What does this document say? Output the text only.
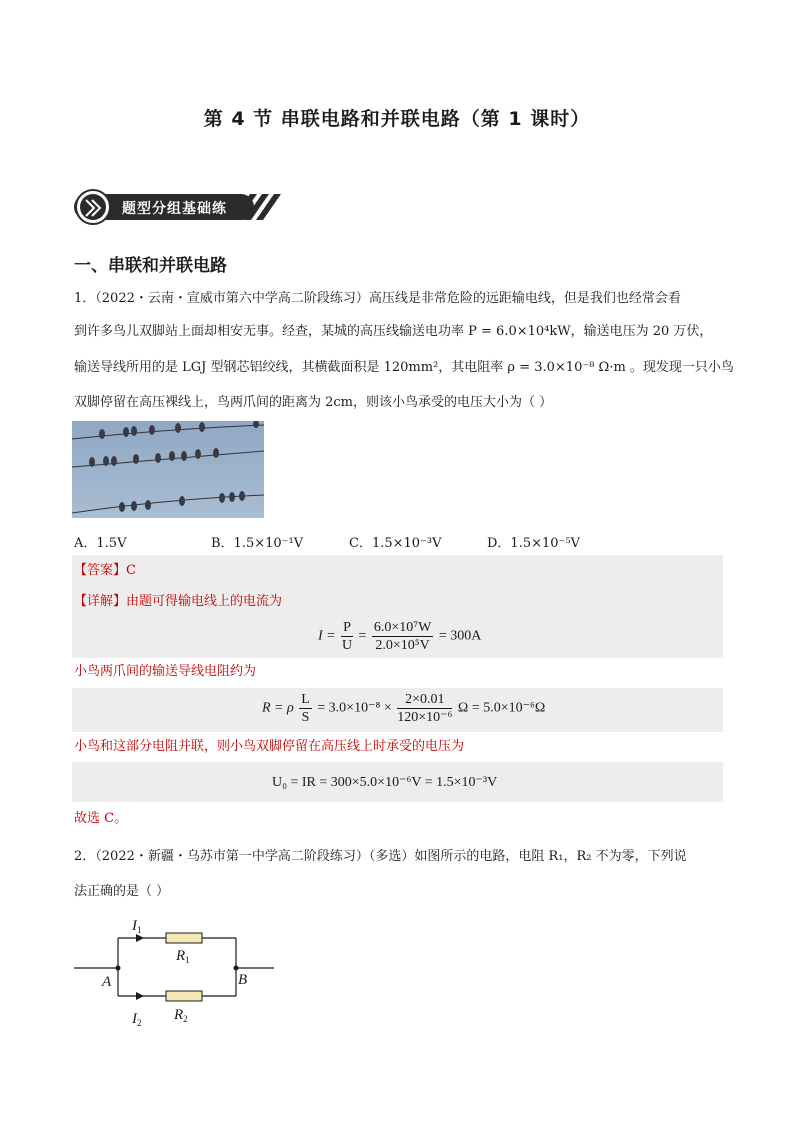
第 4 节 串联电路和并联电路（第 1 课时）
题型分组基础练
一、串联和并联电路
1．（2022・云南・宣威市第六中学高二阶段练习）高压线是非常危险的远距输电线，但是我们也经常会看
到许多鸟儿双脚站上面却相安无事。经查，某城的高压线输送电功率 P = 6.0×10⁴kW，输送电压为 20 万伏，
输送导线所用的是 LGJ 型钢芯铝绞线，其横截面积是 120mm²，其电阻率 ρ = 3.0×10⁻⁸ Ω·m 。现发现一只小鸟
双脚停留在高压裸线上，鸟两爪间的距离为 2cm，则该小鸟承受的电压大小为（ ）
A．1.5V	B．1.5×10⁻¹V	C．1.5×10⁻³V	D．1.5×10⁻⁵V
【答案】C
【详解】由题可得输电线上的电流为
$I = \frac{P}{U} = \frac{\text{6.0×10⁷W}}{\text{2.0×10⁵V}} = 300A$
小鸟两爪间的输送导线电阻约为
R = ρ $\frac{L}{S} = 3.0\times 10^{-8} \times \frac{2\times 0.01}{\text{120×10⁻⁶}}$ Ω = 5.0×10⁻⁶Ω
小鸟和这部分电阻并联，则小鸟双脚停留在高压线上时承受的电压为
U₀ = IR = 300×5.0×10⁻⁶V = 1.5×10⁻³V
故选 C。
2．（2022・新疆・乌苏市第一中学高二阶段练习）（多选）如图所示的电路，电阻 R₁，R₂ 不为零，下列说
法正确的是（ ）
$I_1$
$R_1$
A	B
$I_2$ $R_2$
